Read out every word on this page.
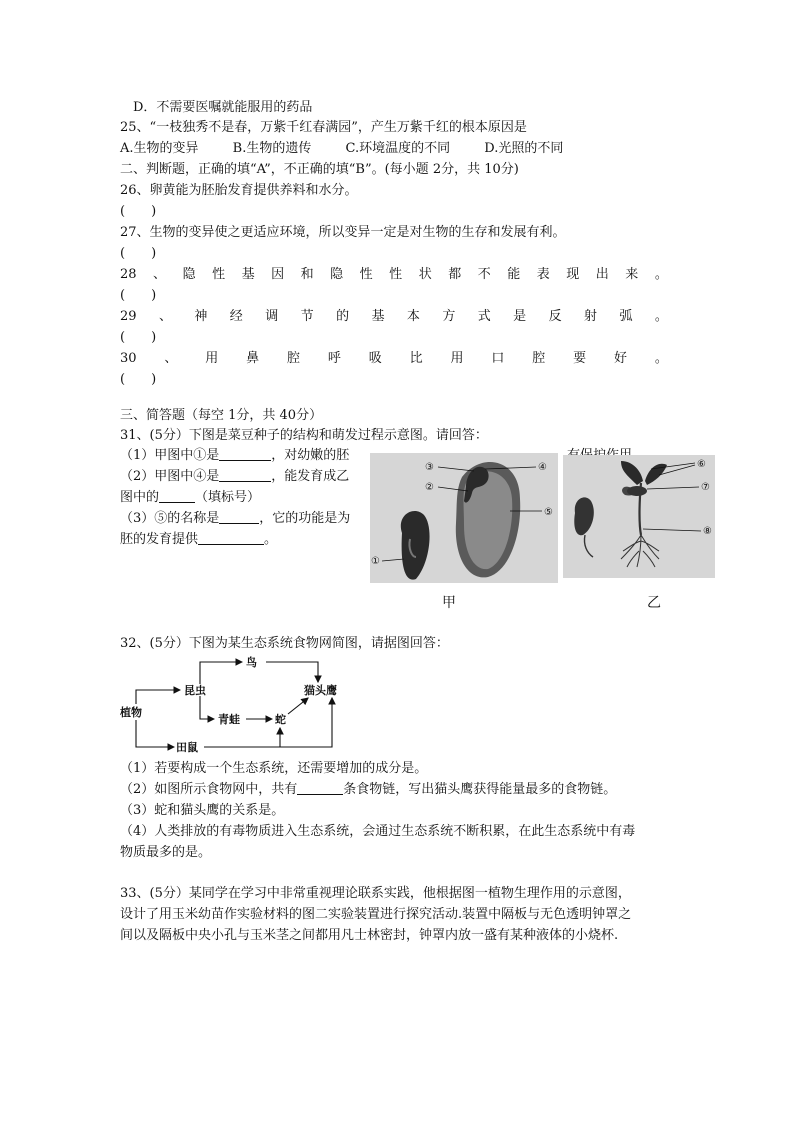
D．不需要医嘱就能服用的药品
25、“一枝独秀不是春，万紫千红春满园”，产生万紫千红的根本原因是
A.生物的变异	B.生物的遗传	C.环境温度的不同	D.光照的不同
二、判断题，正确的填“A”，不正确的填“B”。(每小题 2分，共 10分)
26、卵黄能为胚胎发育提供养料和水分。
(　　)
27、生物的变异使之更适应环境，所以变异一定是对生物的生存和发展有利。
(　　)
28 、 隐 性 基 因 和 隐 性 性 状 都 不 能 表 现 出 来 。
(　　)
29 、 神 经 调 节 的 基 本 方 式 是 反 射 弧 。
(　　)
30 、 用 鼻 腔 呼 吸 比 用 口 腔 要 好 。
(　　)
三、简答题（每空 1分，共 40分）
31、(5分）下图是菜豆种子的结构和萌发过程示意图。请回答：
（1）甲图中①是	，对幼嫩的胚
（2）甲图中④是	，能发育成乙
图中的	（填标号）
（3）⑤的名称是	，它的功能是为
胚的发育提供	。
③	④
②
⑤
①
⑥
⑦
⑧
甲	乙
32、(5分）下图为某生态系统食物网简图，请据图回答：
植物
昆虫
鸟
猫头鹰
青蛙	蛇
田鼠
（1）若要构成一个生态系统，还需要增加的成分是。
（2）如图所示食物网中，共有	条食物链，写出猫头鹰获得能量最多的食物链。
（3）蛇和猫头鹰的关系是。
（4）人类排放的有毒物质进入生态系统，会通过生态系统不断积累，在此生态系统中有毒
物质最多的是。
33、(5分）某同学在学习中非常重视理论联系实践，他根据图一植物生理作用的示意图，
设计了用玉米幼苗作实验材料的图二实验装置进行探究活动.装置中隔板与无色透明钟罩之
间以及隔板中央小孔与玉米茎之间都用凡士林密封，钟罩内放一盛有某种液体的小烧杯.
